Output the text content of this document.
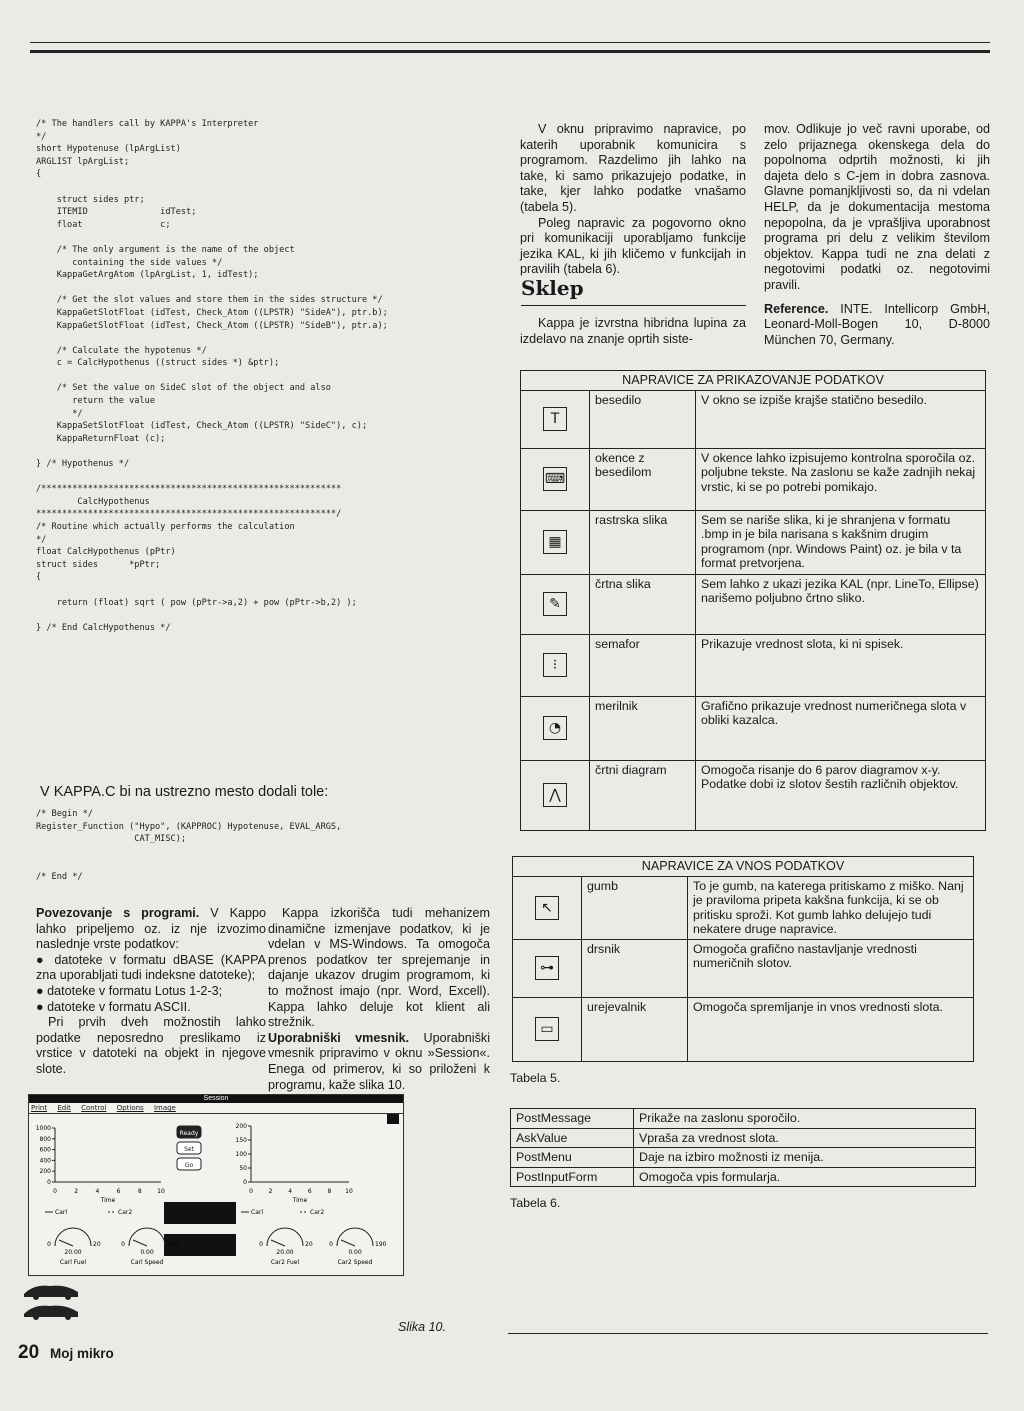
/* The handlers call by KAPPA's Interpreter
*/
short Hypotenuse (lpArgList)
ARGLIST lpArgList;
{

struct sides ptr;
ITEMID              idTest;
float               c;

/* The only argument is the name of the object
containing the side values */
KappaGetArgAtom (lpArgList, 1, idTest);

/* Get the slot values and store them in the sides structure */
KappaGetSlotFloat (idTest, Check_Atom ((LPSTR) "SideA"), ptr.b);
KappaGetSlotFloat (idTest, Check_Atom ((LPSTR) "SideB"), ptr.a);

/* Calculate the hypotenus */
c = CalcHypothenus ((struct sides *) &ptr);

/* Set the value on SideC slot of the object and also
return the value
*/
KappaSetSlotFloat (idTest, Check_Atom ((LPSTR) "SideC"), c);
KappaReturnFloat (c);

} /* Hypothenus */

/**********************************************************
CalcHypothenus
**********************************************************/
/* Routine which actually performs the calculation
*/
float CalcHypothenus (pPtr)
struct sides      *pPtr;
{

return (float) sqrt ( pow (pPtr->a,2) + pow (pPtr->b,2) );

} /* End CalcHypothenus */

V KAPPA.C bi na ustrezno mesto dodali tole:
/* Begin */
Register_Function ("Hypo", (KAPPROC) Hypotenuse, EVAL_ARGS,
CAT_MISC);

/* End */

Povezovanje s programi. V Kappo lahko pripeljemo oz. iz nje izvozimo naslednje vrste podatkov:

● datoteke v formatu dBASE (KAPPA zna uporabljati tudi indeksne datoteke);

● datoteke v formatu Lotus 1-2-3;

● datoteke v formatu ASCII.

Pri prvih dveh možnostih lahko podatke neposredno preslikamo iz vrstice v datoteki na objekt in njegove slote.

Kappa izkorišča tudi mehanizem dinamične izmenjave podatkov, ki je vdelan v MS-Windows. Ta omogoča prenos podatkov ter sprejemanje in dajanje ukazov drugim programom, ki to možnost imajo (npr. Word, Excell). Kappa lahko deluje kot klient ali strežnik.

Uporabniški vmesnik. Uporabniški vmesnik pripravimo v oknu »Session«. Enega od primerov, ki so priloženi k programu, kaže slika 10.

V oknu pripravimo napravice, po katerih uporabnik komunicira s programom. Razdelimo jih lahko na take, ki samo prikazujejo podatke, in take, kjer lahko podatke vnašamo (tabela 5).

Poleg napravic za pogovorno okno pri komunikaciji uporabljamo funkcije jezika KAL, ki jih kličemo v funkcijah in pravilih (tabela 6).

Sklep
Kappa je izvrstna hibridna lupina za izdelavo na znanje oprtih siste-

mov. Odlikuje jo več ravni uporabe, od zelo prijaznega okenskega dela do popolnoma odprtih možnosti, ki jih dajeta delo s C-jem in dobra zasnova. Glavne pomanjkljivosti so, da ni vdelan HELP, da je dokumentacija mestoma nepopolna, da je vprašljiva uporabnost programa pri delu z velikim številom objektov. Kappa tudi ne zna delati z negotovimi podatki oz. negotovimi pravili.

Reference. INTE. Intellicorp GmbH, Leonard-Moll-Bogen 10, D-8000 München 70, Germany.

NAPRAVICE ZA PRIKAZOVANJE PODATKOV		
T	besedilo	V okno se izpiše krajše statično besedilo.
⌨	okence z besedilom	V okence lahko izpisujemo kontrolna sporočila oz. poljubne tekste. Na zaslonu se kaže zadnjih nekaj vrstic, ki se po potrebi pomikajo.
▦	rastrska slika	Sem se nariše slika, ki je shranjena v formatu .bmp in je bila narisana s kakšnim drugim programom (npr. Windows Paint) oz. je bila v ta format pretvorjena.
✎	črtna slika	Sem lahko z ukazi jezika KAL (npr. LineTo, Ellipse) narišemo poljubno črtno sliko.
⁝	semafor	Prikazuje vrednost slota, ki ni spisek.
◔	merilnik	Grafično prikazuje vrednost numeričnega slota v obliki kazalca.
⋀	črtni diagram	Omogoča risanje do 6 parov diagramov x-y. Podatke dobi iz slotov šestih različnih objektov.
NAPRAVICE ZA VNOS PODATKOV		
↖	gumb	To je gumb, na katerega pritiskamo z miško. Nanj je praviloma pripeta kakšna funkcija, ki se ob pritisku sproži. Kot gumb lahko delujejo tudi nekatere druge napravice.
⊶	drsnik	Omogoča grafično nastavljanje vrednosti numeričnih slotov.
▭	urejevalnik	Omogoča spremljanje in vnos vrednosti slota.
Tabela 5.
PostMessage	Prikaže na zaslonu sporočilo.
AskValue	Vpraša za vrednost slota.
PostMenu	Daje na izbiro možnosti iz menija.
PostInputForm	Omogoča vpis formularja.
Tabela 6.
Session
Print Edit Control Options Image
1000
800
600
400
200
0
0	2	4	6	8	10
Time
Carl	Car2
200
150
100
50
0
0	2	4	6	8 10
Time
Carl	Car2
Ready
Set
Go
0	20
20.00
Carl Fuel
0	210
0.00
Carl Speed
0	20
20.00
Car2 Fuel
0	190
0.00
Car2 Speed
Slika 10.
20 Moj mikro
